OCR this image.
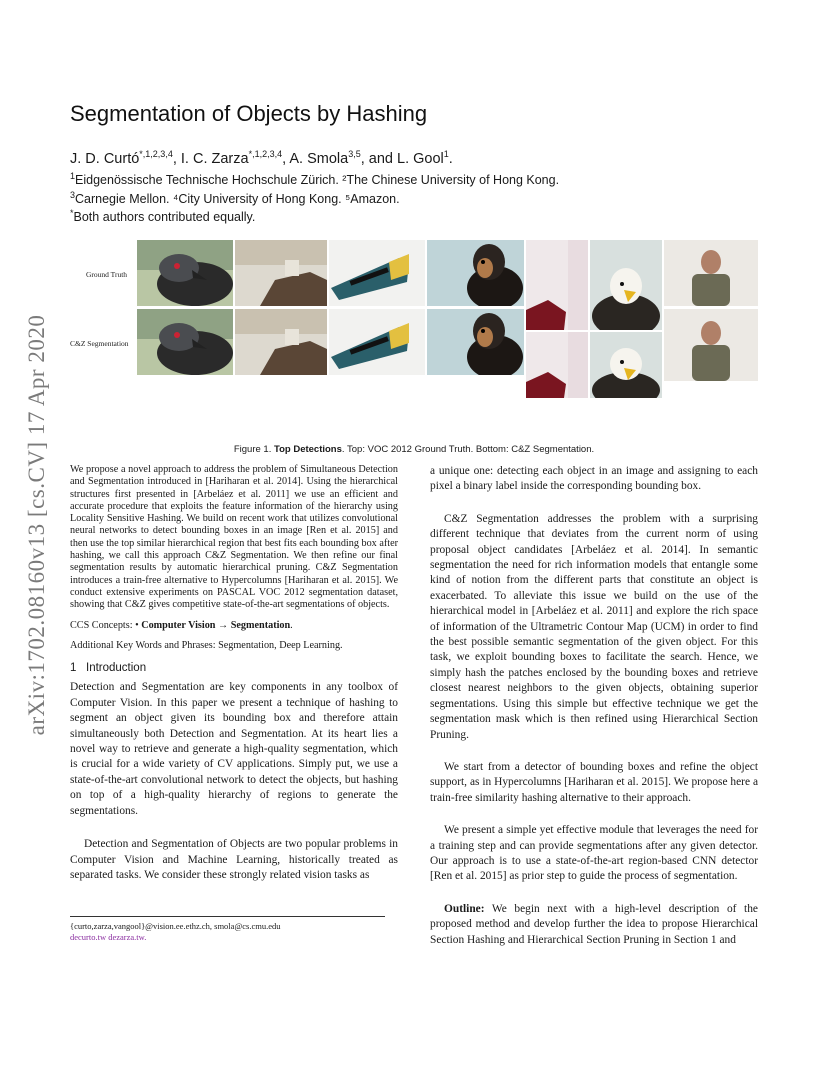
arXiv:1702.08160v13 [cs.CV] 17 Apr 2020
Segmentation of Objects by Hashing
J. D. Curtó$^{*,1,2,3,4}$, I. C. Zarza$^{*,1,2,3,4}$, A. Smola$^{3,5}$, and L. Gool$^1$.
$^1$Eidgenössische Technische Hochschule Zürich. ²The Chinese University of Hong Kong.
$^3$Carnegie Mellon. ⁴City University of Hong Kong. ⁵Amazon.
*Both authors contributed equally.
Ground Truth
C&Z Segmentation
Figure 1. Top Detections. Top: VOC 2012 Ground Truth. Bottom: C&Z Segmentation.

We propose a novel approach to address the problem of Simultaneous Detection and Segmentation introduced in [Hariharan et al. 2014]. Using the hierarchical structures first presented in [Arbeláez et al. 2011] we use an efficient and accurate procedure that exploits the feature information of the hierarchy using Locality Sensitive Hashing. We build on recent work that utilizes convolutional neural networks to detect bounding boxes in an image [Ren et al. 2015] and then use the top similar hierarchical region that best fits each bounding box after hashing, we call this approach C&Z Segmentation. We then refine our final segmentation results by automatic hierarchical pruning. C&Z Segmentation introduces a train-free alternative to Hypercolumns [Hariharan et al. 2015]. We conduct extensive experiments on PASCAL VOC 2012 segmentation dataset, showing that C&Z gives competitive state-of-the-art segmentations of objects.

CCS Concepts: • Computer Vision → Segmentation.

Additional Key Words and Phrases: Segmentation, Deep Learning.

1 Introduction

Detection and Segmentation are key components in any toolbox of Computer Vision. In this paper we present a technique of hashing to segment an object given its bounding box and therefore attain simultaneously both Detection and Segmentation. At its heart lies a novel way to retrieve and generate a high-quality segmentation, which is crucial for a wide variety of CV applications. Simply put, we use a state-of-the-art convolutional network to detect the objects, but hashing on top of a high-quality hierarchy of regions to generate the segmentations.

Detection and Segmentation of Objects are two popular problems in Computer Vision and Machine Learning, historically treated as separated tasks. We consider these strongly related vision tasks as

a unique one: detecting each object in an image and assigning to each pixel a binary label inside the corresponding bounding box.

C&Z Segmentation addresses the problem with a surprising different technique that deviates from the current norm of using proposal object candidates [Arbeláez et al. 2014]. In semantic segmentation the need for rich information models that entangle some kind of notion from the different parts that constitute an object is exacerbated. To alleviate this issue we build on the use of the hierarchical model in [Arbeláez et al. 2011] and explore the rich space of information of the Ultrametric Contour Map (UCM) in order to find the best possible semantic segmentation of the given object. For this task, we exploit bounding boxes to facilitate the search. Hence, we simply hash the patches enclosed by the bounding boxes and retrieve closest nearest neighbors to the given objects, obtaining superior segmentations. Using this simple but effective technique we get the segmentation mask which is then refined using Hierarchical Section Pruning.

We start from a detector of bounding boxes and refine the object support, as in Hypercolumns [Hariharan et al. 2015]. We propose here a train-free similarity hashing alternative to their approach.

We present a simple yet effective module that leverages the need for a training step and can provide segmentations after any given detector. Our approach is to use a state-of-the-art region-based CNN detector [Ren et al. 2015] as prior step to guide the process of segmentation.

Outline: We begin next with a high-level description of the proposed method and develop further the idea to propose Hierarchical Section Hashing and Hierarchical Section Pruning in Section 1 and

{curto,zarza,vangool}@vision.ee.ethz.ch, smola@cs.cmu.edu
decurto.tw dezarza.tw.
